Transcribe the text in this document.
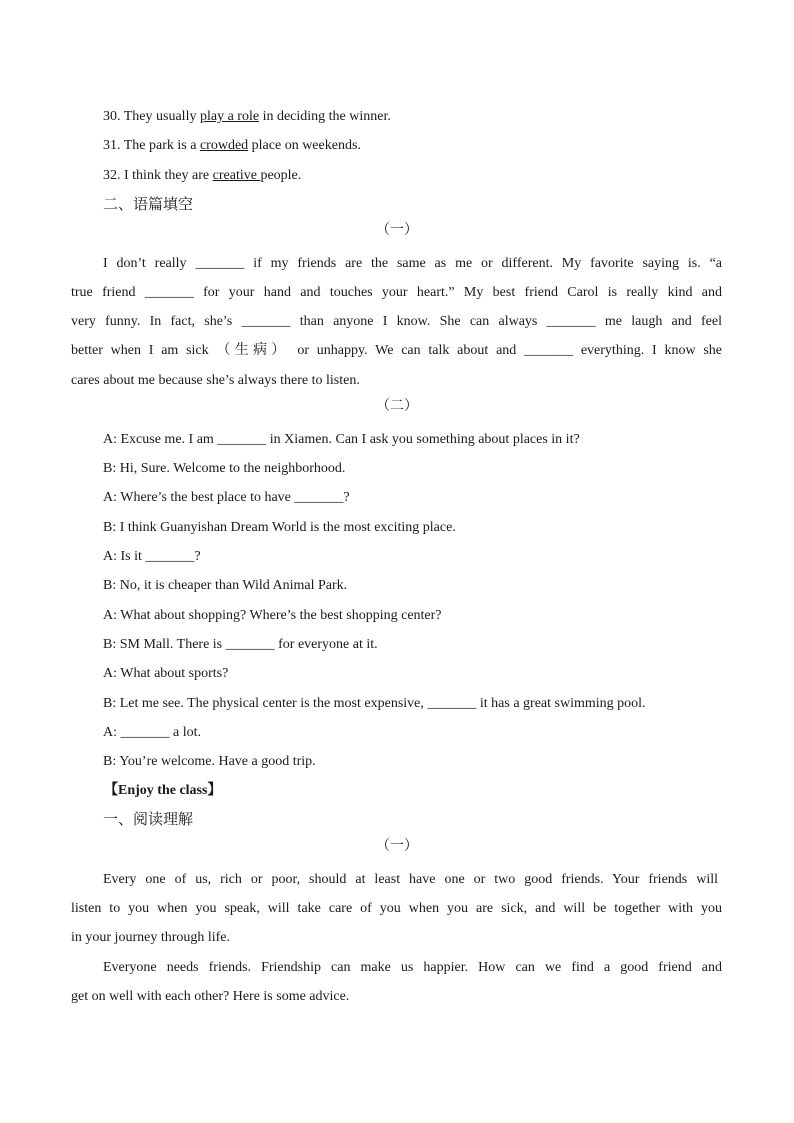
30. They usually play a role in deciding the winner.
31. The park is a crowded place on weekends.
32. I think they are creative people.
二、语篇填空
（一）
I don’t really _______ if my friends are the same as me or different. My favorite saying is. “a
true friend _______ for your hand and touches your heart.” My best friend Carol is really kind and
very funny. In fact, she’s _______ than anyone I know. She can always _______ me laugh and feel
better when I am sick （生病） or unhappy. We can talk about and _______ everything. I know she
cares about me because she’s always there to listen.
（二）
A: Excuse me. I am _______ in Xiamen. Can I ask you something about places in it?
B: Hi, Sure. Welcome to the neighborhood.
A: Where’s the best place to have _______?
B: I think Guanyishan Dream World is the most exciting place.
A: Is it _______?
B: No, it is cheaper than Wild Animal Park.
A: What about shopping? Where’s the best shopping center?
B: SM Mall. There is _______ for everyone at it.
A: What about sports?
B: Let me see. The physical center is the most expensive, _______ it has a great swimming pool.
A: _______ a lot.
B: You’re welcome. Have a good trip.
【Enjoy the class】
一、阅读理解
（一）
Every one of us, rich or poor, should at least have one or two good friends. Your friends will
listen to you when you speak, will take care of you when you are sick, and will be together with you
in your journey through life.
Everyone needs friends. Friendship can make us happier. How can we find a good friend and
get on well with each other? Here is some advice.
